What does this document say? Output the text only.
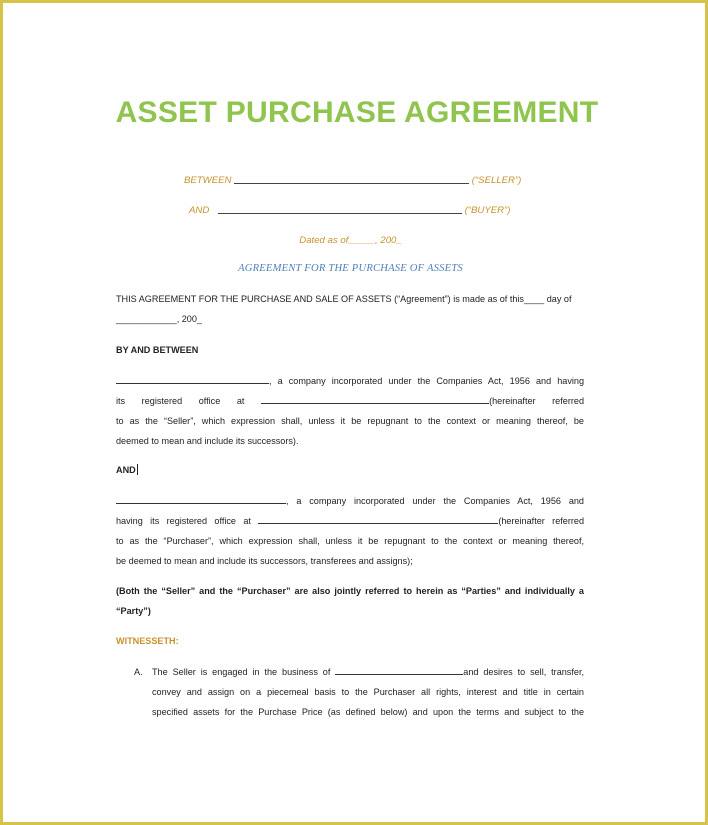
ASSET PURCHASE AGREEMENT
BETWEEN	(“SELLER”)
AND	(“BUYER”)
Dated as of_____, 200_
AGREEMENT FOR THE PURCHASE OF ASSETS
THIS AGREEMENT FOR THE PURCHASE AND SALE OF ASSETS (“Agreement”) is made as of this____ day of
____________, 200_
BY AND BETWEEN
, a company incorporated under the Companies Act, 1956 and having
its registered office at	(hereinafter referred
to as the “Seller”, which expression shall, unless it be repugnant to the context or meaning thereof, be
deemed to mean and include its successors).
AND
, a company incorporated under the Companies Act, 1956 and
having its registered office at	(hereinafter referred
to as the “Purchaser”, which expression shall, unless it be repugnant to the context or meaning thereof,
be deemed to mean and include its successors, transferees and assigns);
(Both the “Seller” and the “Purchaser” are also jointly referred to herein as “Parties” and individually a
“Party”)
WITNESSETH:
A.	The Seller is engaged in the business of	and desires to sell, transfer,
convey and assign on a piecemeal basis to the Purchaser all rights, interest and title in certain
specified assets for the Purchase Price (as defined below) and upon the terms and subject to the
